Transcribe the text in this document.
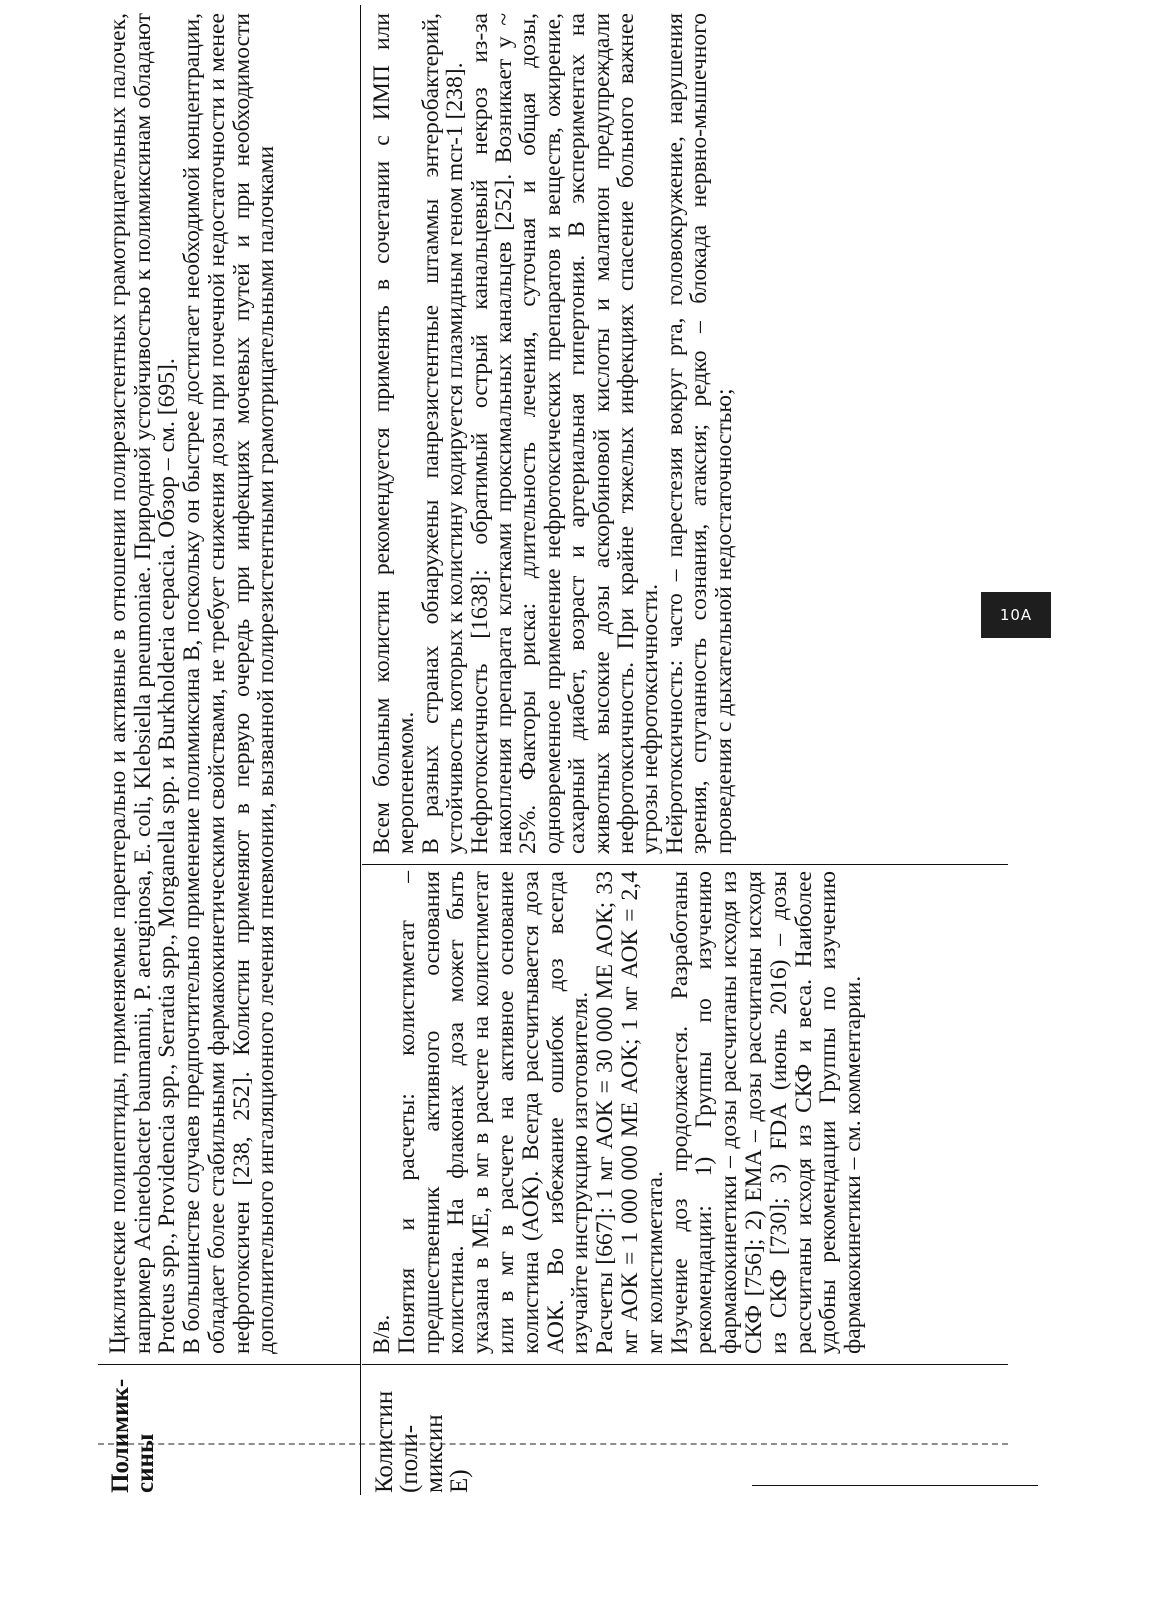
Полимик-
сины

Циклические полипептиды, применяемые парентерально и активные в отношении полирезистентных грамотрицательных палочек, например Acinetobacter baumannii, P. aeruginosa, E. coli, Klebsiella pneumoniae. Природной устойчивостью к полимиксинам обладают Proteus spp., Providencia spp., Serratia spp., Morganella spp. и Burkholderia cepacia. Обзор – см. [695].
В большинстве случаев предпочтительно применение полимиксина В, поскольку он быстрее достигает необходимой концентрации, обладает более стабильными фармакокинетическими свойствами, не требует снижения дозы при почечной недостаточности и менее нефротоксичен [238, 252]. Колистин применяют в первую очередь при инфекциях мочевых путей и при необходимости дополнительного ингаляционного лечения пневмонии, вызванной полирезистентными грамотрицательными палочками

Колистин
(поли-
миксин
Е)

В/в.
Понятия и расчеты: колистиметат – предшественник активного основания колистина. На флаконах доза может быть указана в МЕ, в мг в расчете на колистиметат или в мг в расчете на активное основание колистина (АОК). Всегда рассчитывается доза АОК. Во избежание ошибок доз всегда изучайте инструкцию изготовителя.
Расчеты [667]: 1 мг АОК = 30 000 МЕ АОК; 33 мг АОК = 1 000 000 МЕ АОК; 1 мг АОК = 2,4 мг колистиметата.
Изучение доз продолжается. Разработаны рекомендации: 1) Группы по изучению фармакокинетики – дозы рассчитаны исходя из СКФ [756]; 2) EMA – дозы рассчитаны исходя из СКФ [730]; 3) FDA (июнь 2016) – дозы рассчитаны исходя из СКФ и веса. Наиболее удобны рекомендации Группы по изучению фармакокинетики – см. комментарии.

Всем больным колистин рекомендуется применять в сочетании с ИМП или меропенемом.
В разных странах обнаружены панрезистентные штаммы энтеробактерий, устойчивость которых к колистину кодируется плазмидным геном mcr-1 [238].
Нефротоксичность [1638]: обратимый острый канальцевый некроз из-за накопления препарата клетками проксимальных канальцев [252]. Возникает у ~ 25%. Факторы риска: длительность лечения, суточная и общая дозы, одновременное применение нефротоксических препаратов и веществ, ожирение, сахарный диабет, возраст и артериальная гипертония. В экспериментах на животных высокие дозы аскорбиновой кислоты и малатион предупреждали нефротоксичность. При крайне тяжелых инфекциях спасение больного важнее угрозы нефротоксичности.
Нейротоксичность: часто – парестезия вокруг рта, головокружение, нарушения зрения, спутанность сознания, атаксия; редко – блокада нервно-мышечного проведения с дыхательной недостаточностью;

10А
